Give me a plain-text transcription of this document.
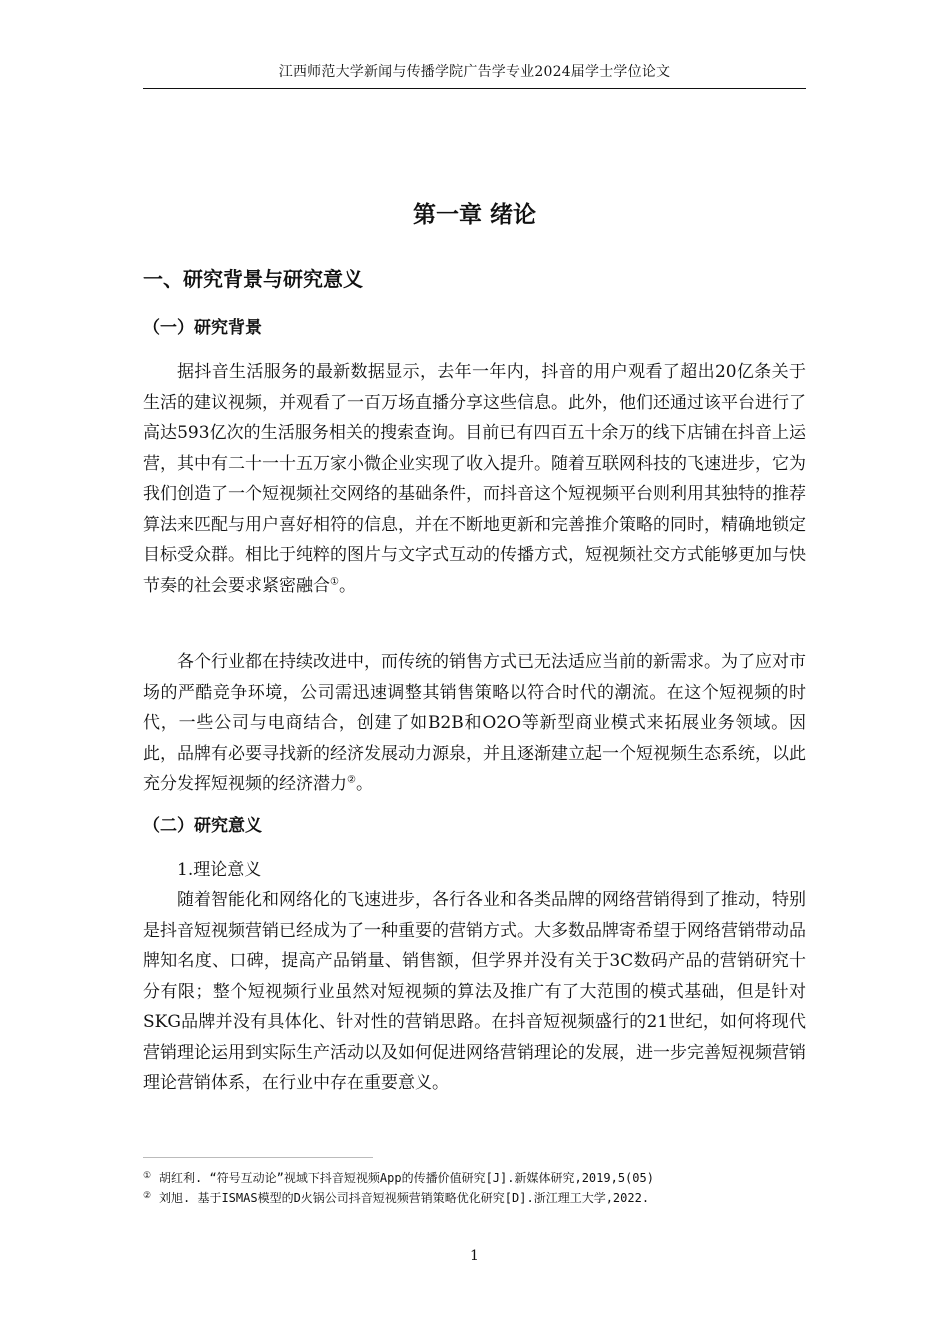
江西师范大学新闻与传播学院广告学专业2024届学士学位论文
第一章 绪论
一、研究背景与研究意义
（一）研究背景

据抖音生活服务的最新数据显示，去年一年内，抖音的用户观看了超出20亿条关于生活的建议视频，并观看了一百万场直播分享这些信息。此外，他们还通过该平台进行了高达593亿次的生活服务相关的搜索查询。目前已有四百五十余万的线下店铺在抖音上运营，其中有二十一十五万家小微企业实现了收入提升。随着互联网科技的飞速进步，它为我们创造了一个短视频社交网络的基础条件，而抖音这个短视频平台则利用其独特的推荐算法来匹配与用户喜好相符的信息，并在不断地更新和完善推介策略的同时，精确地锁定目标受众群。相比于纯粹的图片与文字式互动的传播方式，短视频社交方式能够更加与快节奏的社会要求紧密融合①。

各个行业都在持续改进中，而传统的销售方式已无法适应当前的新需求。为了应对市场的严酷竞争环境，公司需迅速调整其销售策略以符合时代的潮流。在这个短视频的时代，一些公司与电商结合，创建了如B2B和O2O等新型商业模式来拓展业务领域。因此，品牌有必要寻找新的经济发展动力源泉，并且逐渐建立起一个短视频生态系统，以此充分发挥短视频的经济潜力②。

（二）研究意义
1.理论意义

随着智能化和网络化的飞速进步，各行各业和各类品牌的网络营销得到了推动，特别是抖音短视频营销已经成为了一种重要的营销方式。大多数品牌寄希望于网络营销带动品牌知名度、口碑，提高产品销量、销售额，但学界并没有关于3C数码产品的营销研究十分有限；整个短视频行业虽然对短视频的算法及推广有了大范围的模式基础，但是针对SKG品牌并没有具体化、针对性的营销思路。在抖音短视频盛行的21世纪，如何将现代营销理论运用到实际生产活动以及如何促进网络营销理论的发展，进一步完善短视频营销理论营销体系，在行业中存在重要意义。

① 胡红利. “符号互动论”视域下抖音短视频App的传播价值研究[J].新媒体研究,2019,5(05)
② 刘旭. 基于ISMAS模型的D火锅公司抖音短视频营销策略优化研究[D].浙江理工大学,2022.
1
